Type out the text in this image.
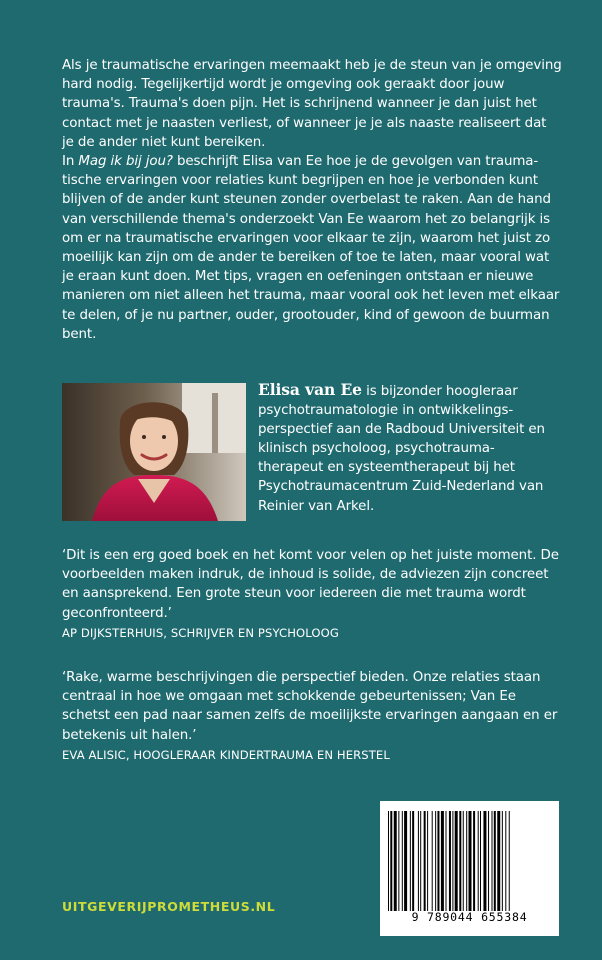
Als je traumatische ervaringen meemaakt heb je de steun van je omgeving hard nodig. Tegelijkertijd wordt je omgeving ook geraakt door jouw trauma's. Trauma's doen pijn. Het is schrijnend wanneer je dan juist het contact met je naasten verliest, of wanneer je je als naaste realiseert dat je de ander niet kunt bereiken.

In Mag ik bij jou? beschrijft Elisa van Ee hoe je de gevolgen van trauma-tische ervaringen voor relaties kunt begrijpen en hoe je verbonden kunt blijven of de ander kunt steunen zonder overbelast te raken. Aan de hand van verschillende thema's onderzoekt Van Ee waarom het zo belangrijk is om er na traumatische ervaringen voor elkaar te zijn, waarom het juist zo moeilijk kan zijn om de ander te bereiken of toe te laten, maar vooral wat je eraan kunt doen. Met tips, vragen en oefeningen ontstaan er nieuwe manieren om niet alleen het trauma, maar vooral ook het leven met elkaar te delen, of je nu partner, ouder, grootouder, kind of gewoon de buurman bent.

Elisa van Ee is bijzonder hoogleraar psychotraumatologie in ontwikkelings-perspectief aan de Radboud Universiteit en klinisch psycholoog, psychotrauma-therapeut en systeemtherapeut bij het Psychotraumacentrum Zuid-Nederland van Reinier van Arkel.

‘Dit is een erg goed boek en het komt voor velen op het juiste moment. De voorbeelden maken indruk, de inhoud is solide, de adviezen zijn concreet en aansprekend. Een grote steun voor iedereen die met trauma wordt geconfronteerd.’

AP DIJKSTERHUIS, SCHRIJVER EN PSYCHOLOOG

‘Rake, warme beschrijvingen die perspectief bieden. Onze relaties staan centraal in hoe we omgaan met schokkende gebeurtenissen; Van Ee schetst een pad naar samen zelfs de moeilijkste ervaringen aangaan en er betekenis uit halen.’

EVA ALISIC, HOOGLERAAR KINDERTRAUMA EN HERSTEL

9 789044 655384
UITGEVERIJPROMETHEUS.NL
